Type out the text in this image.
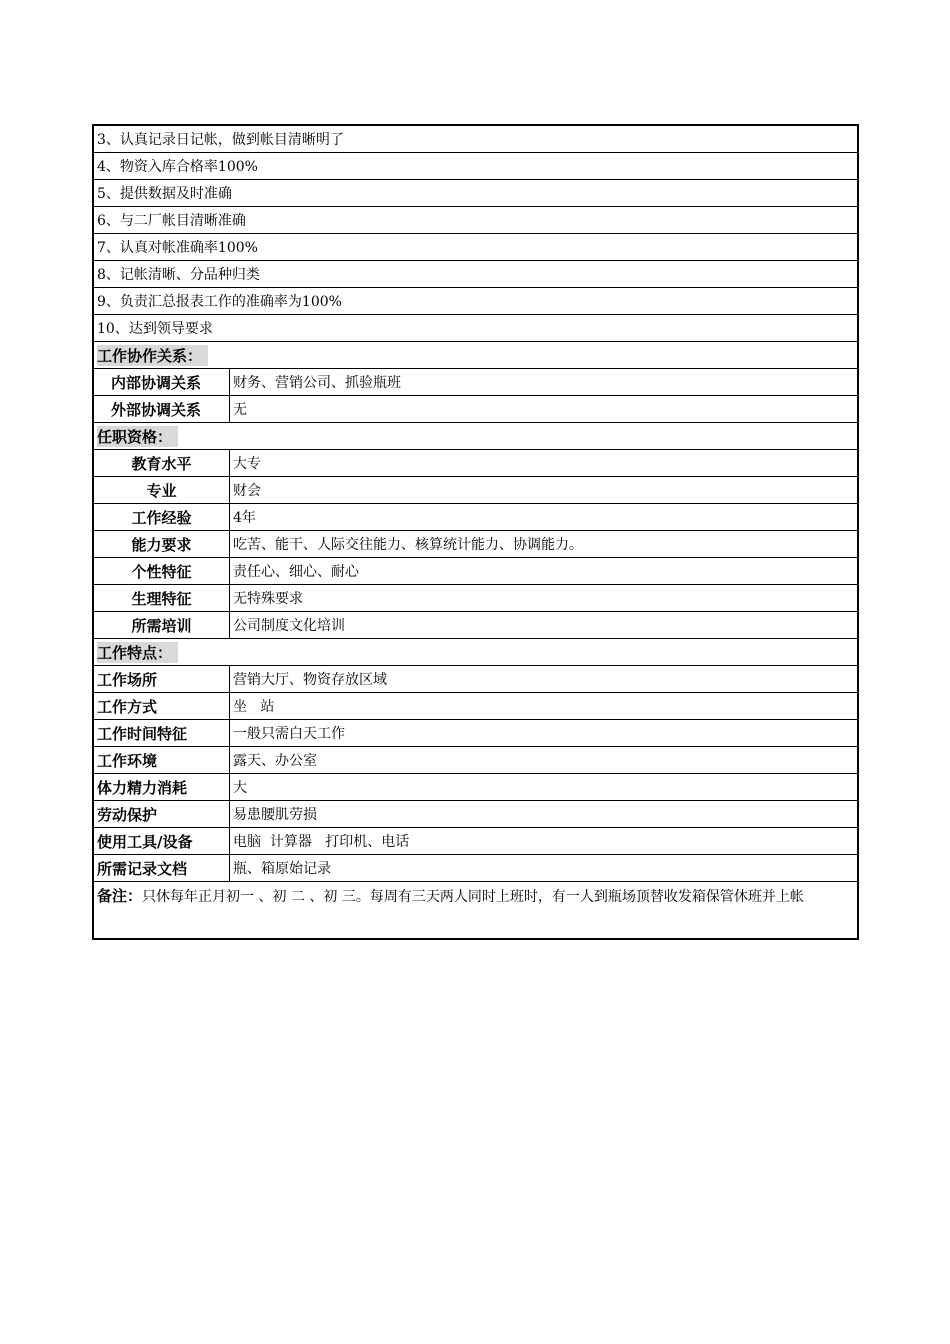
3、认真记录日记帐，做到帐目清晰明了
4、物资入库合格率100%
5、提供数据及时准确
6、与二厂帐目清晰准确
7、认真对帐准确率100%
8、记帐清晰、分品种归类
9、负责汇总报表工作的准确率为100%
10、达到领导要求
工作协作关系：
内部协调关系	财务、营销公司、抓验瓶班
外部协调关系	无
任职资格：
教育水平	大专
专业	财会
工作经验	4年
能力要求	吃苦、能干、人际交往能力、核算统计能力、协调能力。
个性特征	责任心、细心、耐心
生理特征	无特殊要求
所需培训	公司制度文化培训
工作特点：
工作场所	营销大厅、物资存放区域
工作方式	坐   站
工作时间特征	一般只需白天工作
工作环境	露天、办公室
体力精力消耗	大
劳动保护	易患腰肌劳损
使用工具/设备	电脑  计算器   打印机、电话
所需记录文档	瓶、箱原始记录
备注：只休每年正月初一 、初 二 、初 三。每周有三天两人同时上班时，有一人到瓶场顶替收发箱保管休班并上帐
